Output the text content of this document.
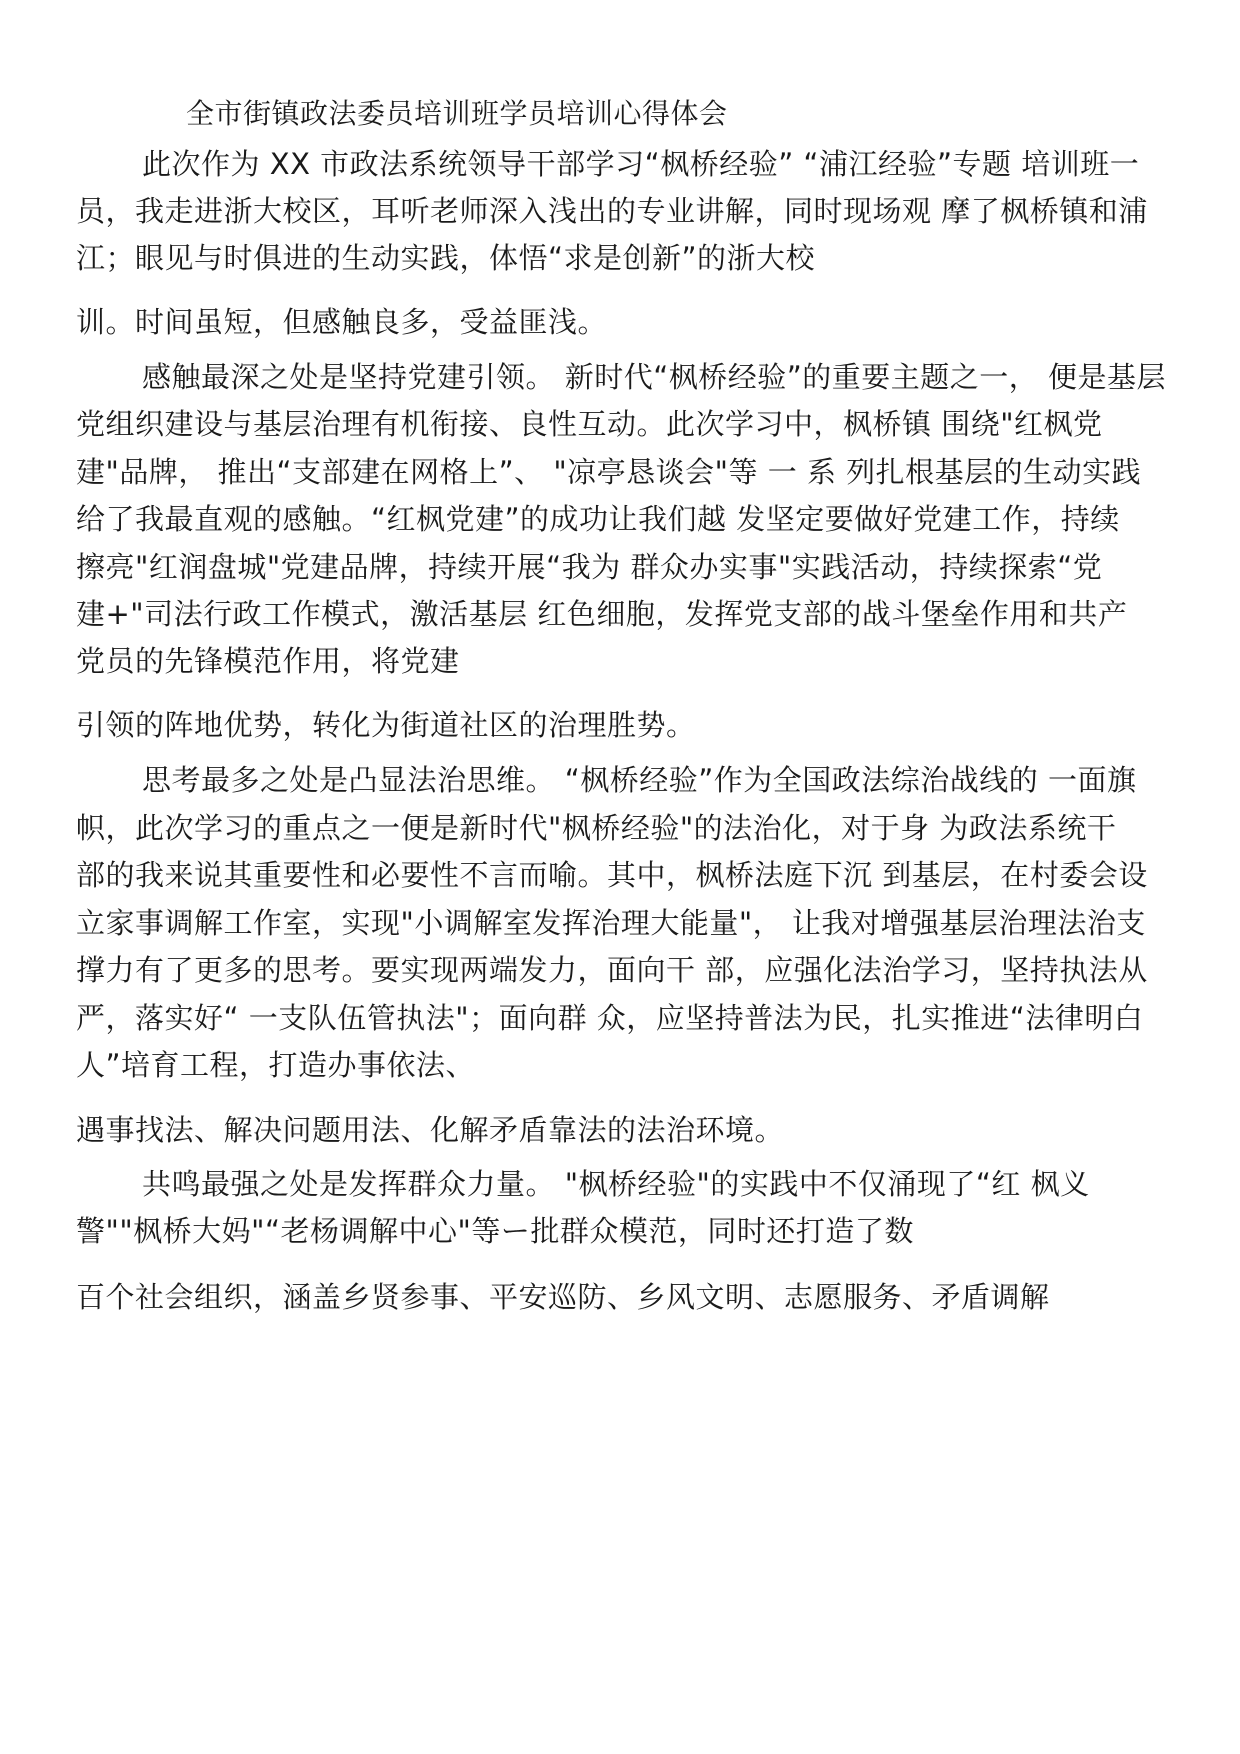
全市街镇政法委员培训班学员培训心得体会
此次作为 XX 市政法系统领导干部学习“枫桥经验” “浦江经验”专题 培训班一
员，我走进浙大校区，耳听老师深入浅出的专业讲解，同时现场观 摩了枫桥镇和浦
江；眼见与时俱进的生动实践，体悟“求是创新”的浙大校
训。时间虽短，但感触良多，受益匪浅。
感触最深之处是坚持党建引领。 新时代“枫桥经验”的重要主题之一， 便是基层
党组织建设与基层治理有机衔接、良性互动。此次学习中，枫桥镇 围绕"红枫党
建"品牌， 推出“支部建在网格上”、 "凉亭恳谈会"等 一 系 列扎根基层的生动实践
给了我最直观的感触。“红枫党建”的成功让我们越 发坚定要做好党建工作，持续
擦亮"红润盘城"党建品牌，持续开展“我为 群众办实事"实践活动，持续探索“党
建+"司法行政工作模式，激活基层 红色细胞，发挥党支部的战斗堡垒作用和共产
党员的先锋模范作用，将党建
引领的阵地优势，转化为街道社区的治理胜势。
思考最多之处是凸显法治思维。 “枫桥经验”作为全国政法综治战线的 一面旗
帜，此次学习的重点之一便是新时代"枫桥经验"的法治化，对于身 为政法系统干
部的我来说其重要性和必要性不言而喻。其中，枫桥法庭下沉 到基层，在村委会设
立家事调解工作室，实现"小调解室发挥治理大能量"， 让我对增强基层治理法治支
撑力有了更多的思考。要实现两端发力，面向干 部，应强化法治学习，坚持执法从
严，落实好“ 一支队伍管执法"；面向群 众，应坚持普法为民，扎实推进“法律明白
人”培育工程，打造办事依法、
遇事找法、解决问题用法、化解矛盾靠法的法治环境。
共鸣最强之处是发挥群众力量。 "枫桥经验"的实践中不仅涌现了“红 枫义
警""枫桥大妈"“老杨调解中心"等ー批群众模范，同时还打造了数
百个社会组织，涵盖乡贤参事、平安巡防、乡风文明、志愿服务、矛盾调解
